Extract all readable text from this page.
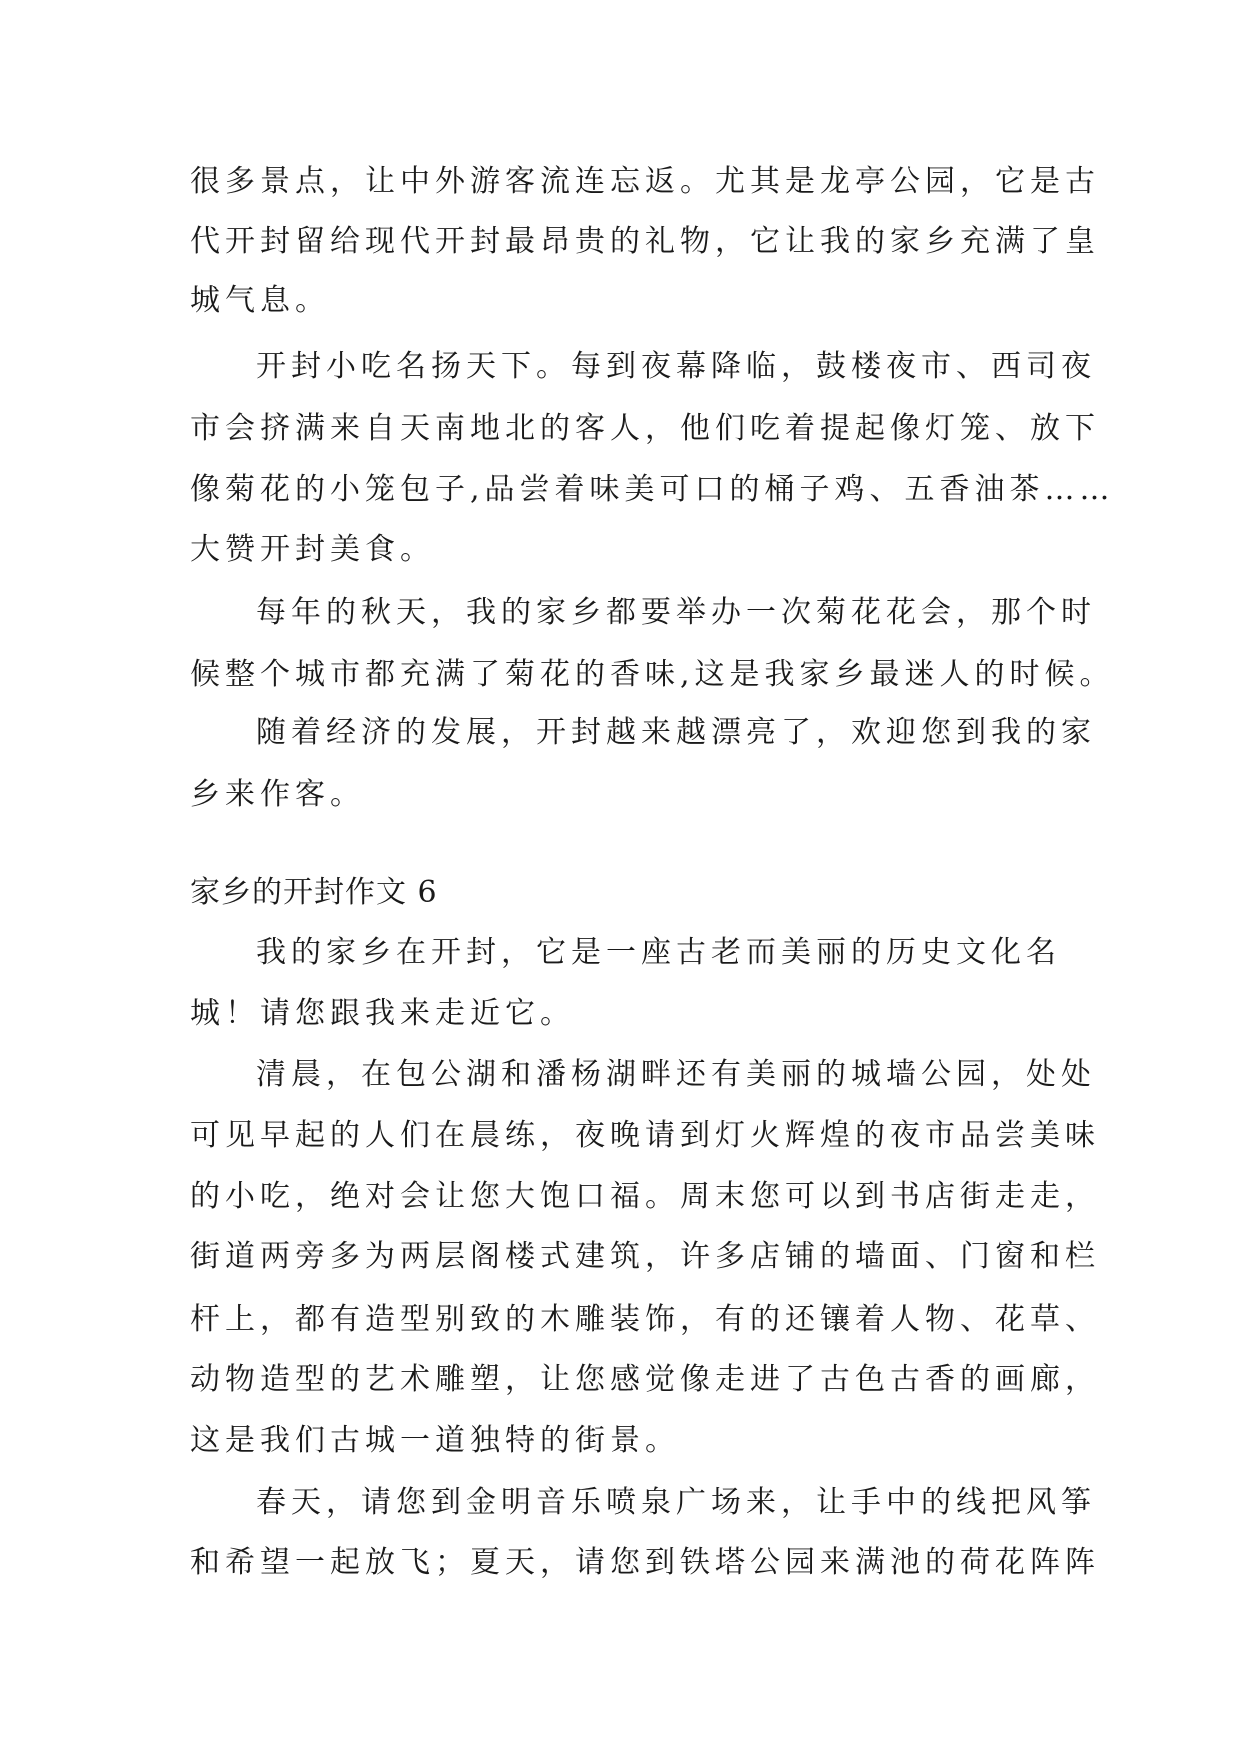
很多景点，让中外游客流连忘返。尤其是龙亭公园，它是古
代开封留给现代开封最昂贵的礼物，它让我的家乡充满了皇
城气息。
开封小吃名扬天下。每到夜幕降临，鼓楼夜市、西司夜
市会挤满来自天南地北的客人，他们吃着提起像灯笼、放下
像菊花的小笼包子,品尝着味美可口的桶子鸡、五香油茶……
大赞开封美食。
每年的秋天，我的家乡都要举办一次菊花花会，那个时
候整个城市都充满了菊花的香味,这是我家乡最迷人的时候。
随着经济的发展，开封越来越漂亮了，欢迎您到我的家
乡来作客。
家乡的开封作文 6
我的家乡在开封，它是一座古老而美丽的历史文化名
城！请您跟我来走近它。
清晨，在包公湖和潘杨湖畔还有美丽的城墙公园，处处
可见早起的人们在晨练，夜晚请到灯火辉煌的夜市品尝美味
的小吃，绝对会让您大饱口福。周末您可以到书店街走走，
街道两旁多为两层阁楼式建筑，许多店铺的墙面、门窗和栏
杆上，都有造型别致的木雕装饰，有的还镶着人物、花草、
动物造型的艺术雕塑，让您感觉像走进了古色古香的画廊，
这是我们古城一道独特的街景。
春天，请您到金明音乐喷泉广场来，让手中的线把风筝
和希望一起放飞；夏天，请您到铁塔公园来满池的荷花阵阵
